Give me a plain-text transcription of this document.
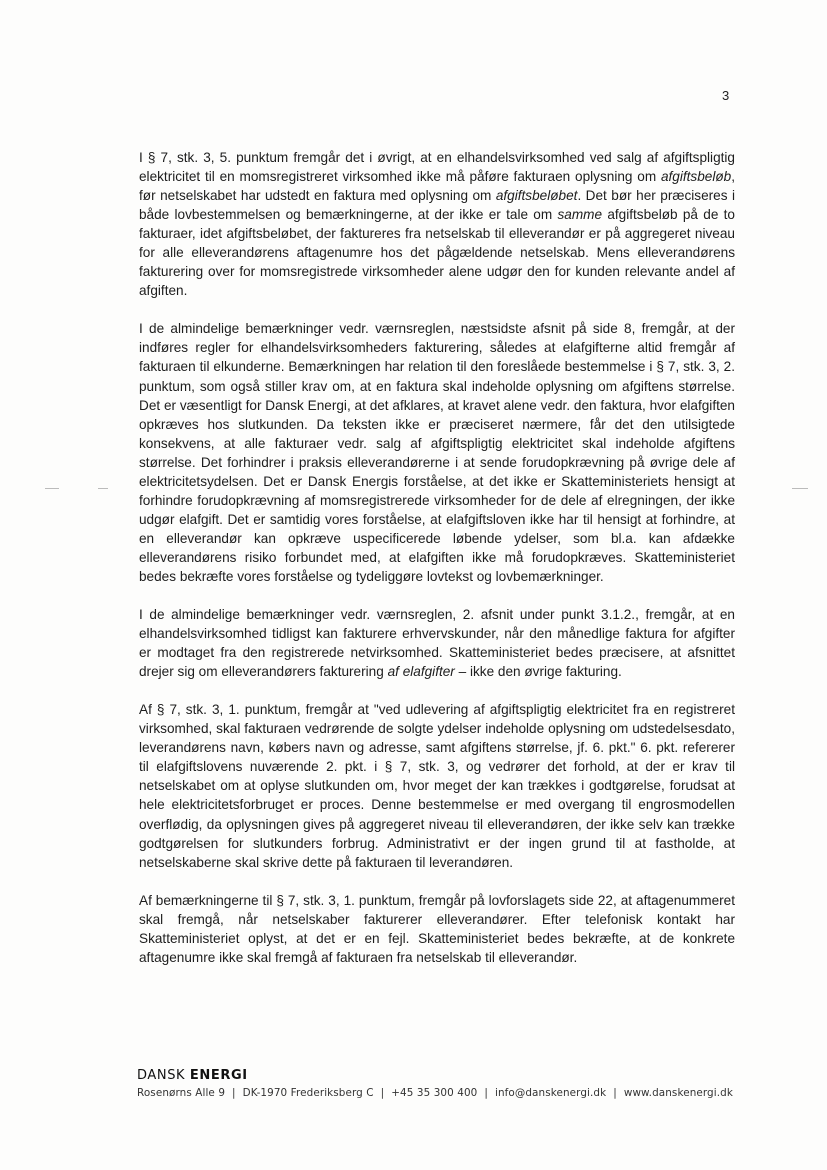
3

I § 7, stk. 3, 5. punktum fremgår det i øvrigt, at en elhandelsvirksomhed ved salg af afgiftspligtig elektricitet til en momsregistreret virksomhed ikke må påføre fakturaen oplysning om afgiftsbeløb, før netselskabet har udstedt en faktura med oplysning om afgiftsbeløbet. Det bør her præciseres i både lovbestemmelsen og bemærkningerne, at der ikke er tale om samme afgiftsbeløb på de to fakturaer, idet afgiftsbeløbet, der faktureres fra netselskab til elleverandør er på aggregeret niveau for alle elleverandørens aftagenumre hos det pågældende netselskab. Mens elleverandørens fakturering over for momsregistrede virksomheder alene udgør den for kunden relevante andel af afgiften.

I de almindelige bemærkninger vedr. værnsreglen, næstsidste afsnit på side 8, fremgår, at der indføres regler for elhandelsvirksomheders fakturering, således at elafgifterne altid fremgår af fakturaen til elkunderne. Bemærkningen har relation til den foreslåede bestemmelse i § 7, stk. 3, 2. punktum, som også stiller krav om, at en faktura skal indeholde oplysning om afgiftens størrelse. Det er væsentligt for Dansk Energi, at det afklares, at kravet alene vedr. den faktura, hvor elafgiften opkræves hos slutkunden. Da teksten ikke er præciseret nærmere, får det den utilsigtede konsekvens, at alle fakturaer vedr. salg af afgiftspligtig elektricitet skal indeholde afgiftens størrelse. Det forhindrer i praksis elleverandørerne i at sende forudopkrævning på øvrige dele af elektricitetsydelsen. Det er Dansk Energis forståelse, at det ikke er Skatteministeriets hensigt at forhindre forudopkrævning af momsregistrerede virksomheder for de dele af elregningen, der ikke udgør elafgift. Det er samtidig vores forståelse, at elafgiftsloven ikke har til hensigt at forhindre, at en elleverandør kan opkræve uspecificerede løbende ydelser, som bl.a. kan afdække elleverandørens risiko forbundet med, at elafgiften ikke må forudopkræves. Skatteministeriet bedes bekræfte vores forståelse og tydeliggøre lovtekst og lovbemærkninger.

I de almindelige bemærkninger vedr. værnsreglen, 2. afsnit under punkt 3.1.2., fremgår, at en elhandelsvirksomhed tidligst kan fakturere erhvervskunder, når den månedlige faktura for afgifter er modtaget fra den registrerede netvirksomhed. Skatteministeriet bedes præcisere, at afsnittet drejer sig om elleverandørers fakturering af elafgifter – ikke den øvrige fakturing.

Af § 7, stk. 3, 1. punktum, fremgår at "ved udlevering af afgiftspligtig elektricitet fra en registreret virksomhed, skal fakturaen vedrørende de solgte ydelser indeholde oplysning om udstedelsesdato, leverandørens navn, købers navn og adresse, samt afgiftens størrelse, jf. 6. pkt." 6. pkt. refererer til elafgiftslovens nuværende 2. pkt. i § 7, stk. 3, og vedrører det forhold, at der er krav til netselskabet om at oplyse slutkunden om, hvor meget der kan trækkes i godtgørelse, forudsat at hele elektricitetsforbruget er proces. Denne bestemmelse er med overgang til engrosmodellen overflødig, da oplysningen gives på aggregeret niveau til elleverandøren, der ikke selv kan trække godtgørelsen for slutkunders forbrug. Administrativt er der ingen grund til at fastholde, at netselskaberne skal skrive dette på fakturaen til leverandøren.

Af bemærkningerne til § 7, stk. 3, 1. punktum, fremgår på lovforslagets side 22, at aftagenummeret skal fremgå, når netselskaber fakturerer elleverandører. Efter telefonisk kontakt har Skatteministeriet oplyst, at det er en fejl. Skatteministeriet bedes bekræfte, at de konkrete aftagenumre ikke skal fremgå af fakturaen fra netselskab til elleverandør.

DANSK ENERGI
Rosenørns Alle 9 | DK-1970 Frederiksberg C | +45 35 300 400 | info@danskenergi.dk | www.danskenergi.dk
